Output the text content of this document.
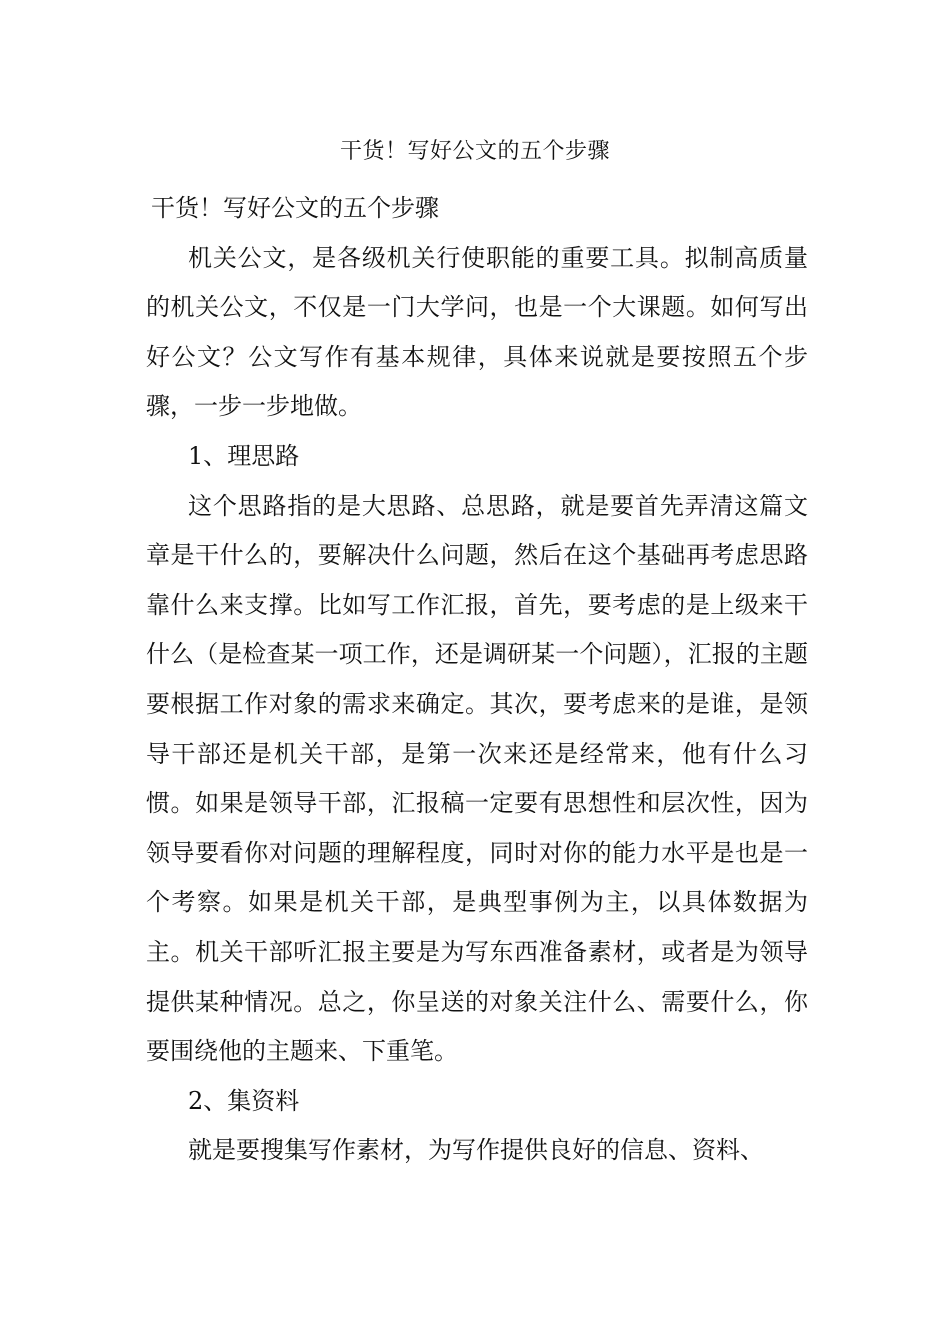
干货！写好公文的五个步骤

干货！写好公文的五个步骤

机关公文，是各级机关行使职能的重要工具。拟制高质量的机关公文，不仅是一门大学问，也是一个大课题。如何写出好公文？公文写作有基本规律，具体来说就是要按照五个步骤，一步一步地做。

1、理思路

这个思路指的是大思路、总思路，就是要首先弄清这篇文章是干什么的，要解决什么问题，然后在这个基础再考虑思路靠什么来支撑。比如写工作汇报，首先，要考虑的是上级来干什么（是检查某一项工作，还是调研某一个问题），汇报的主题要根据工作对象的需求来确定。其次，要考虑来的是谁，是领导干部还是机关干部，是第一次来还是经常来，他有什么习惯。如果是领导干部，汇报稿一定要有思想性和层次性，因为领导要看你对问题的理解程度，同时对你的能力水平是也是一个考察。如果是机关干部，是典型事例为主，以具体数据为主。机关干部听汇报主要是为写东西准备素材，或者是为领导提供某种情况。总之，你呈送的对象关注什么、需要什么，你要围绕他的主题来、下重笔。

2、集资料

就是要搜集写作素材，为写作提供良好的信息、资料、
